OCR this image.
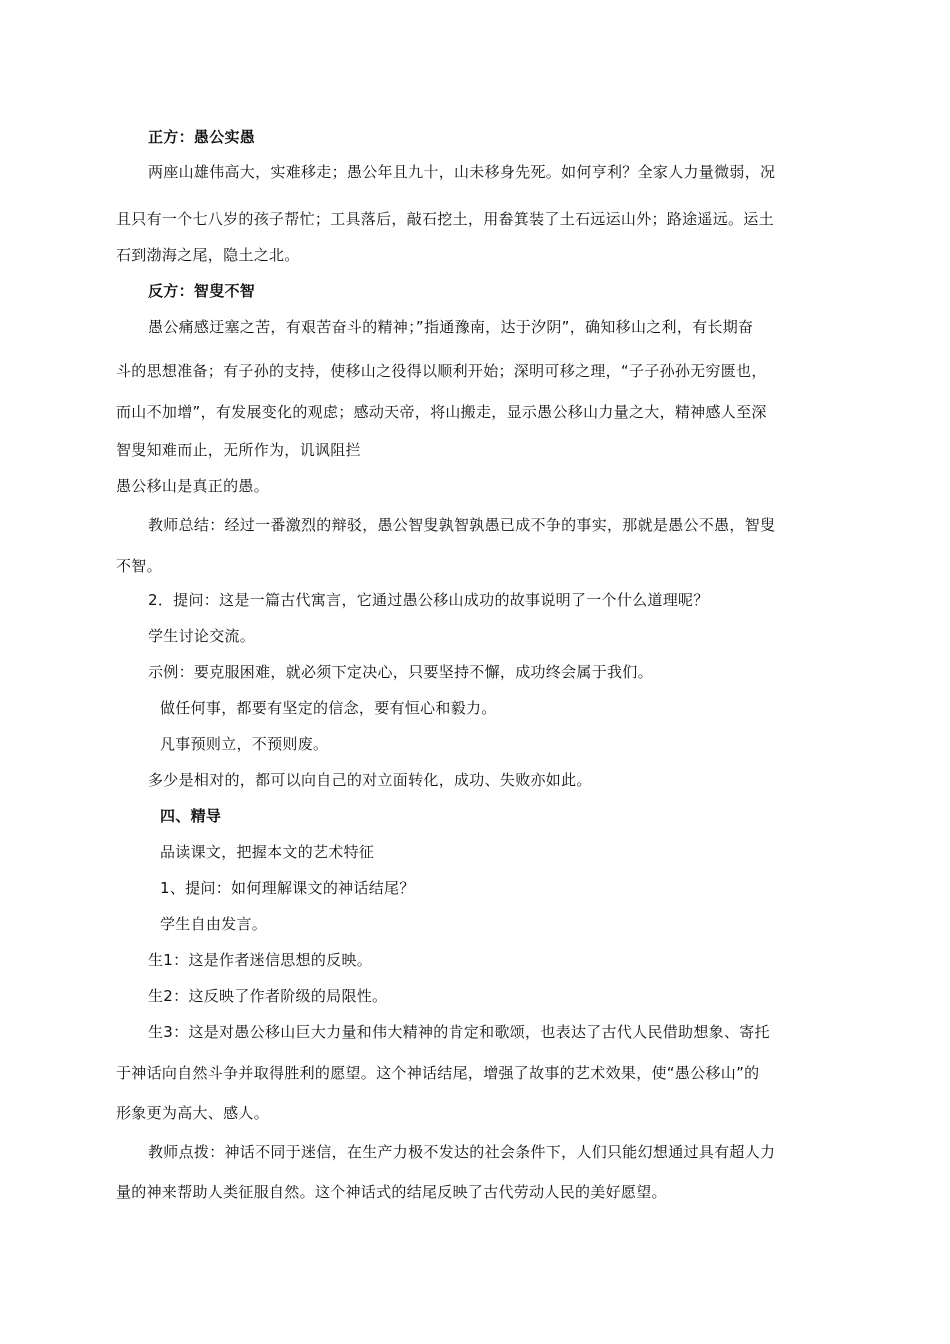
正方：愚公实愚

两座山雄伟高大，实难移走；愚公年且九十，山未移身先死。如何亨利？全家人力量微弱，况

且只有一个七八岁的孩子帮忙；工具落后，敲石挖土，用畚箕装了土石远运山外；路途遥远。运土

石到渤海之尾，隐土之北。

反方：智叟不智

愚公痛感迂塞之苦，有艰苦奋斗的精神；”指通豫南，达于汐阴”，确知移山之利，有长期奋

斗的思想准备；有子孙的支持，使移山之役得以顺利开始；深明可移之理，“子子孙孙无穷匮也，

而山不加增”，有发展变化的观虑；感动天帝，将山搬走，显示愚公移山力量之大，精神感人至深

智叟知难而止，无所作为，讥讽阻拦

愚公移山是真正的愚。

教师总结：经过一番激烈的辩驳，愚公智叟孰智孰愚已成不争的事实，那就是愚公不愚，智叟

不智。

2．提问：这是一篇古代寓言，它通过愚公移山成功的故事说明了一个什么道理呢？

学生讨论交流。

示例：要克服困难，就必须下定决心，只要坚持不懈，成功终会属于我们。

做任何事，都要有坚定的信念，要有恒心和毅力。

凡事预则立，不预则废。

多少是相对的，都可以向自己的对立面转化，成功、失败亦如此。

四、精导

品读课文，把握本文的艺术特征

1、提问：如何理解课文的神话结尾？

学生自由发言。

生1：这是作者迷信思想的反映。

生2：这反映了作者阶级的局限性。

生3：这是对愚公移山巨大力量和伟大精神的肯定和歌颂，也表达了古代人民借助想象、寄托

于神话向自然斗争并取得胜利的愿望。这个神话结尾，增强了故事的艺术效果，使“愚公移山”的

形象更为高大、感人。

教师点拨：神话不同于迷信，在生产力极不发达的社会条件下，人们只能幻想通过具有超人力

量的神来帮助人类征服自然。这个神话式的结尾反映了古代劳动人民的美好愿望。
